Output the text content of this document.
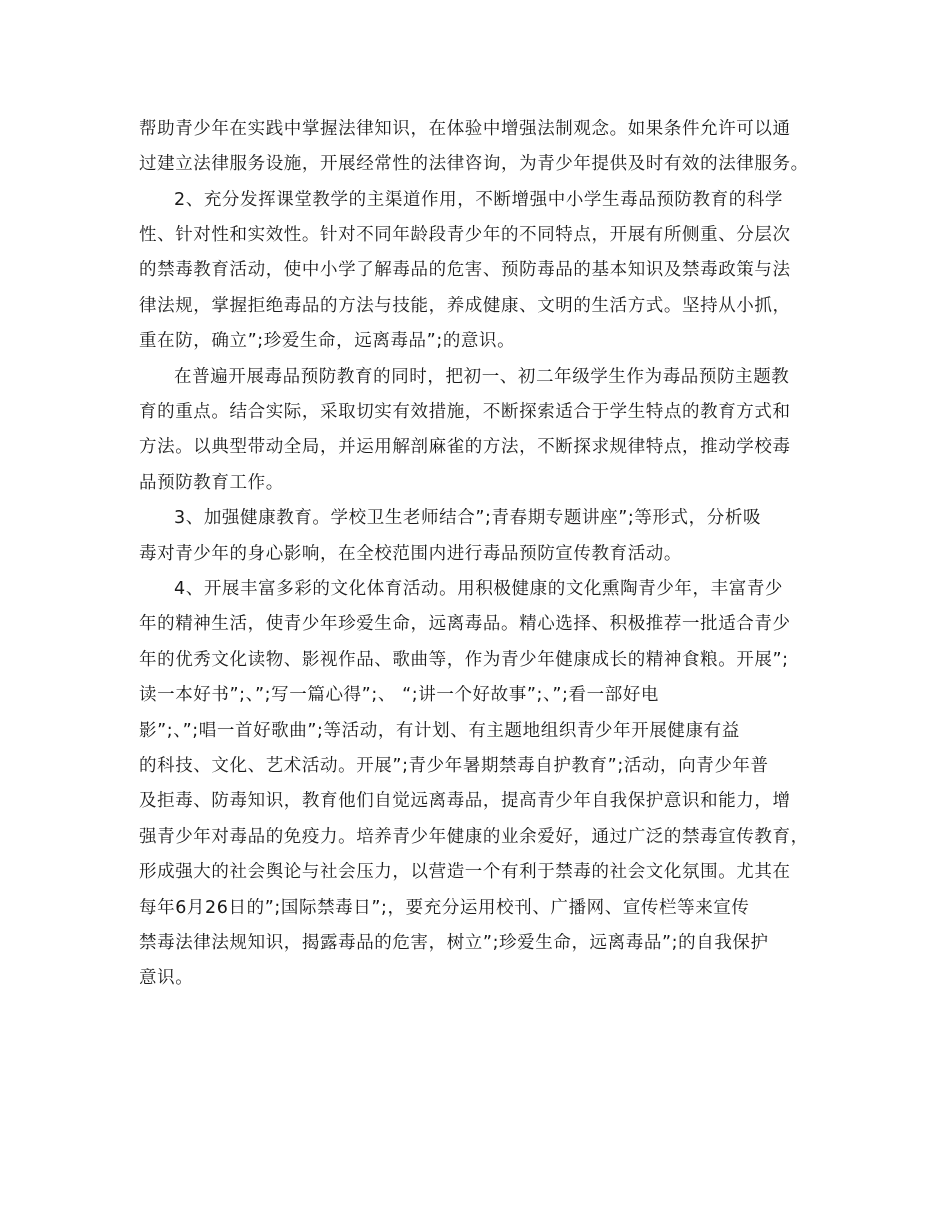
帮助青少年在实践中掌握法律知识，在体验中增强法制观念。如果条件允许可以通
过建立法律服务设施，开展经常性的法律咨询，为青少年提供及时有效的法律服务。
2、充分发挥课堂教学的主渠道作用，不断增强中小学生毒品预防教育的科学
性、针对性和实效性。针对不同年龄段青少年的不同特点，开展有所侧重、分层次
的禁毒教育活动，使中小学了解毒品的危害、预防毒品的基本知识及禁毒政策与法
律法规，掌握拒绝毒品的方法与技能，养成健康、文明的生活方式。坚持从小抓，
重在防，确立”;珍爱生命，远离毒品”;的意识。
在普遍开展毒品预防教育的同时，把初一、初二年级学生作为毒品预防主题教
育的重点。结合实际，采取切实有效措施，不断探索适合于学生特点的教育方式和
方法。以典型带动全局，并运用解剖麻雀的方法，不断探求规律特点，推动学校毒
品预防教育工作。
3、加强健康教育。学校卫生老师结合”;青春期专题讲座”;等形式，分析吸
毒对青少年的身心影响，在全校范围内进行毒品预防宣传教育活动。
4、开展丰富多彩的文化体育活动。用积极健康的文化熏陶青少年，丰富青少
年的精神生活，使青少年珍爱生命，远离毒品。精心选择、积极推荐一批适合青少
年的优秀文化读物、影视作品、歌曲等，作为青少年健康成长的精神食粮。开展”;
读一本好书”;、”;写一篇心得”;、 “;讲一个好故事”;、”;看一部好电
影”;、”;唱一首好歌曲”;等活动，有计划、有主题地组织青少年开展健康有益
的科技、文化、艺术活动。开展”;青少年暑期禁毒自护教育”;活动，向青少年普
及拒毒、防毒知识，教育他们自觉远离毒品，提高青少年自我保护意识和能力，增
强青少年对毒品的免疫力。培养青少年健康的业余爱好，通过广泛的禁毒宣传教育，
形成强大的社会舆论与社会压力，以营造一个有利于禁毒的社会文化氛围。尤其在
每年6月26日的”;国际禁毒日”;，要充分运用校刊、广播网、宣传栏等来宣传
禁毒法律法规知识，揭露毒品的危害，树立”;珍爱生命，远离毒品”;的自我保护
意识。
